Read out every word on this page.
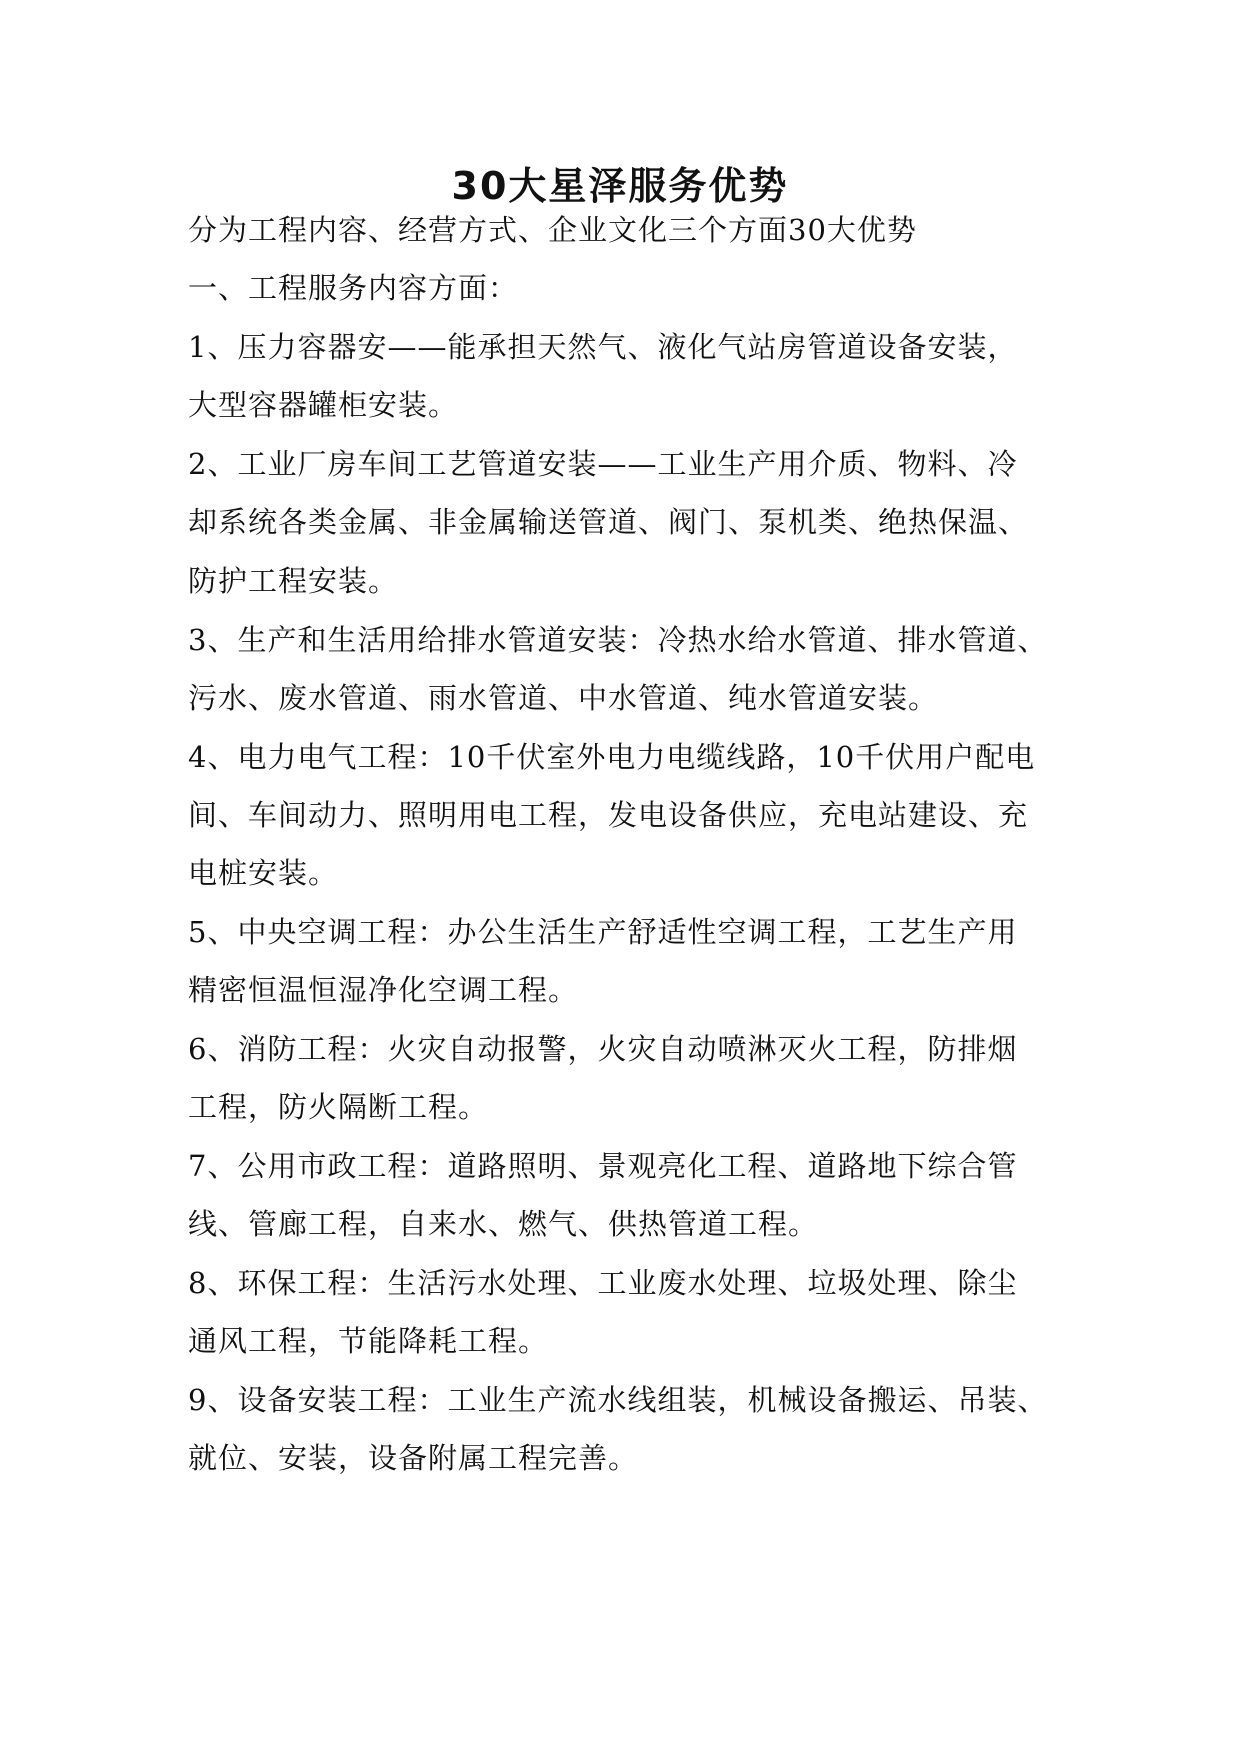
30大星泽服务优势
分为工程内容、经营方式、企业文化三个方面30大优势
一、工程服务内容方面：
1、压力容器安——能承担天然气、液化气站房管道设备安装，
大型容器罐柜安装。
2、工业厂房车间工艺管道安装——工业生产用介质、物料、冷
却系统各类金属、非金属输送管道、阀门、泵机类、绝热保温、
防护工程安装。
3、生产和生活用给排水管道安装：冷热水给水管道、排水管道、
污水、废水管道、雨水管道、中水管道、纯水管道安装。
4、电力电气工程：10千伏室外电力电缆线路，10千伏用户配电
间、车间动力、照明用电工程，发电设备供应，充电站建设、充
电桩安装。
5、中央空调工程：办公生活生产舒适性空调工程，工艺生产用
精密恒温恒湿净化空调工程。
6、消防工程：火灾自动报警，火灾自动喷淋灭火工程，防排烟
工程，防火隔断工程。
7、公用市政工程：道路照明、景观亮化工程、道路地下综合管
线、管廊工程，自来水、燃气、供热管道工程。
8、环保工程：生活污水处理、工业废水处理、垃圾处理、除尘
通风工程，节能降耗工程。
9、设备安装工程：工业生产流水线组装，机械设备搬运、吊装、
就位、安装，设备附属工程完善。
